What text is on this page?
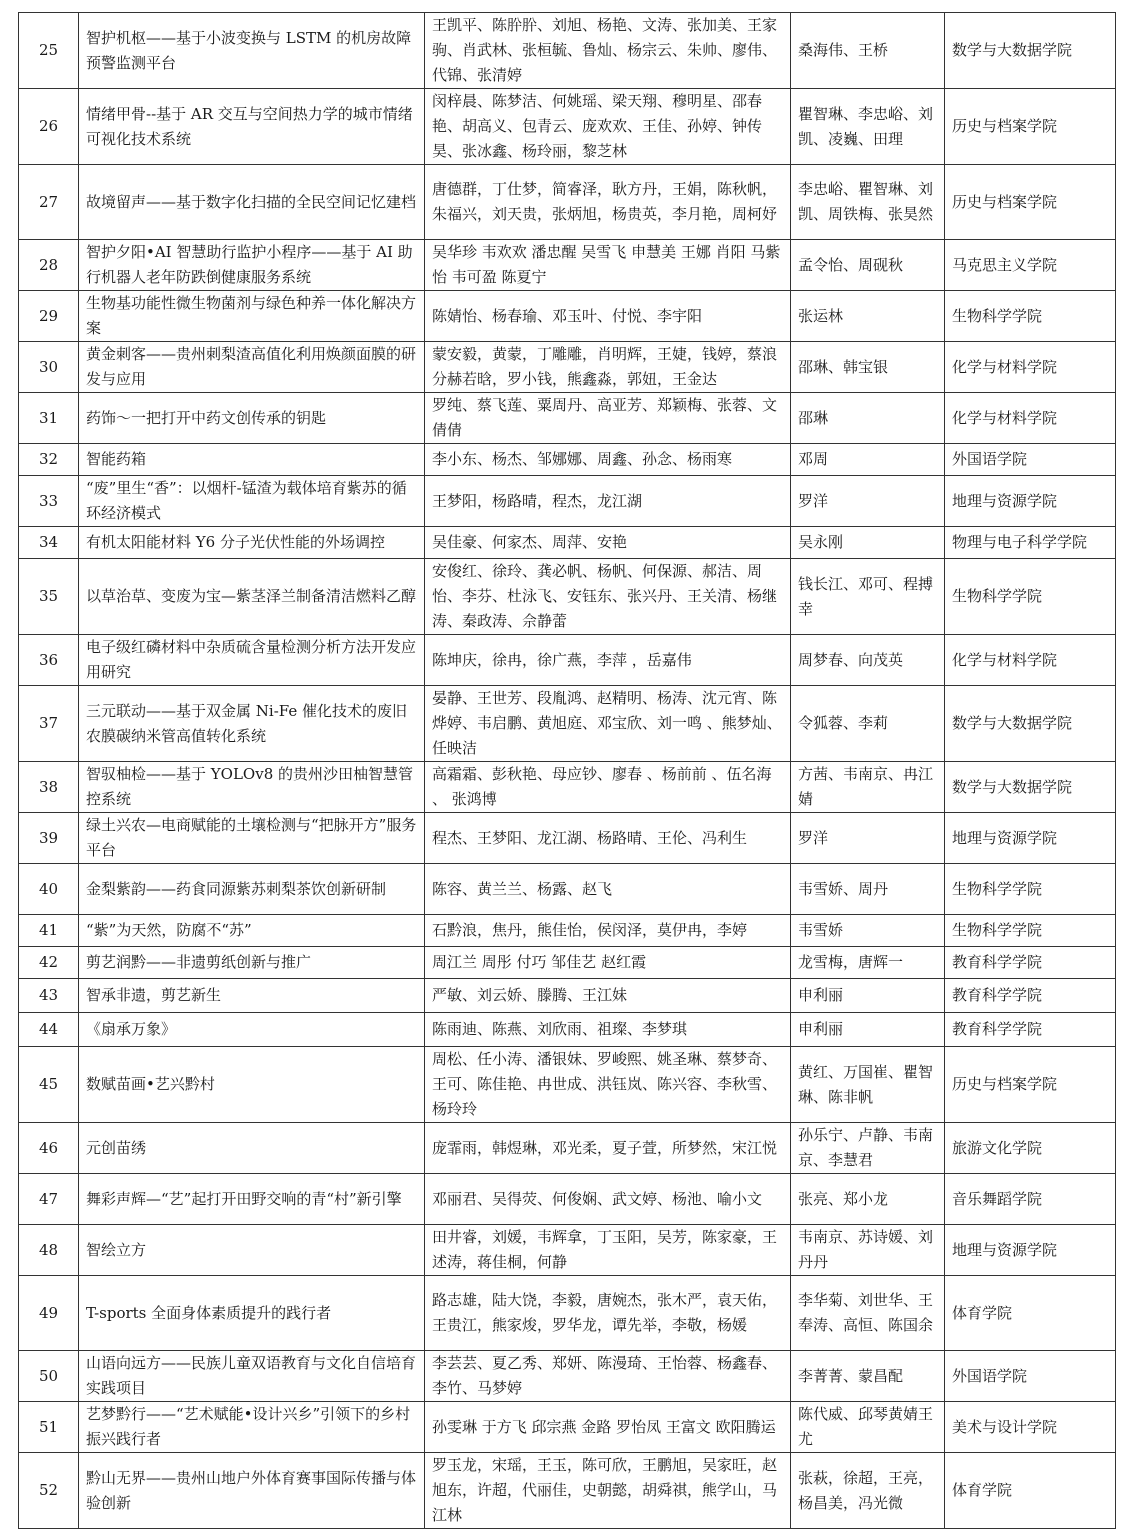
25	智护机枢——基于小波变换与 LSTM 的机房故障预警监测平台	王凯平、陈肸肸、刘旭、杨艳、文涛、张加美、王家驹、肖武林、张桓毓、鲁灿、杨宗云、朱帅、廖伟、代锦、张清婷	桑海伟、王桥	数学与大数据学院
26	情绪甲骨--基于 AR 交互与空间热力学的城市情绪可视化技术系统	闵梓晨、陈梦洁、何姚瑶、梁天翔、穆明星、邵春艳、胡高义、包青云、庞欢欢、王佳、孙婷、钟传昊、张冰鑫、杨玲丽，黎芝林	瞿智琳、李忠峪、刘凯、凌巍、田理	历史与档案学院
27	故境留声——基于数字化扫描的全民空间记忆建档	唐德群，丁仕梦，简睿泽，耿方丹，王娟，陈秋帆，朱福兴，刘天贵，张炳旭，杨贵英，李月艳，周柯妤	李忠峪、瞿智琳、刘凯、周铁梅、张昊然	历史与档案学院
28	智护夕阳•AI 智慧助行监护小程序——基于 AI 助行机器人老年防跌倒健康服务系统	吴华珍 韦欢欢 潘忠醒 吴雪飞 申慧美 王娜 肖阳 马紫怡 韦可盈 陈夏宁	孟令怡、周砚秋	马克思主义学院
29	生物基功能性微生物菌剂与绿色种养一体化解决方案	陈婧怡、杨春瑜、邓玉叶、付悦、李宇阳	张运林	生物科学学院
30	黄金刺客——贵州刺梨渣高值化利用焕颜面膜的研发与应用	蒙安毅，黄蒙，丁雕雕，肖明辉，王婕，钱婷，蔡浪分赫若晗，罗小钱，熊鑫淼，郭妞，王金达	邵琳、韩宝银	化学与材料学院
31	药饰～一把打开中药文创传承的钥匙	罗纯、蔡飞莲、粟周丹、高亚芳、郑颖梅、张蓉、文倩倩	邵琳	化学与材料学院
32	智能药箱	李小东、杨杰、邹娜娜、周鑫、孙念、杨雨寒	邓周	外国语学院
33	“废”里生“香”：以烟杆-锰渣为载体培育紫苏的循环经济模式	王梦阳，杨路晴，程杰，龙江湖	罗洋	地理与资源学院
34	有机太阳能材料 Y6 分子光伏性能的外场调控	吴佳豪、何家杰、周萍、安艳	吴永刚	物理与电子科学学院
35	以草治草、变废为宝—紫茎泽兰制备清洁燃料乙醇	安俊红、徐玲、龚必帆、杨帆、何保源、郝洁、周怡、李芬、杜泳飞、安钰东、张兴丹、王关清、杨继涛、秦政涛、佘静蕾	钱长江、邓可、程搏幸	生物科学学院
36	电子级红磷材料中杂质硫含量检测分析方法开发应用研究	陈坤庆，徐冉，徐广燕，李萍 ，岳嘉伟	周梦春、向茂英	化学与材料学院
37	三元联动——基于双金属 Ni-Fe 催化技术的废旧农膜碳纳米管高值转化系统	晏静、王世芳、段胤鸿、赵精明、杨涛、沈元宵、陈烨婷、韦启鹏、黄旭庭、邓宝欣、刘一鸣 、熊梦灿、任映洁	令狐蓉、李莉	数学与大数据学院
38	智驭柚检——基于 YOLOv8 的贵州沙田柚智慧管控系统	高霜霜、彭秋艳、母应钞、廖春 、杨前前 、伍名海 、 张鸿博	方茜、韦南京、冉江婧	数学与大数据学院
39	绿土兴农—电商赋能的土壤检测与“把脉开方”服务平台	程杰、王梦阳、龙江湖、杨路晴、王伦、冯利生	罗洋	地理与资源学院
40	金梨紫韵——药食同源紫苏刺梨茶饮创新研制	陈容、黄兰兰、杨露、赵飞	韦雪娇、周丹	生物科学学院
41	“紫”为天然，防腐不“苏”	石黔浪，焦丹，熊佳怡，侯闵泽，莫伊冉，李婷	韦雪娇	生物科学学院
42	剪艺润黔——非遗剪纸创新与推广	周江兰 周彤 付巧 邹佳艺 赵红霞	龙雪梅，唐辉一	教育科学学院
43	智承非遗，剪艺新生	严敏、刘云娇、滕腾、王江妹	申利丽	教育科学学院
44	《扇承万象》	陈雨迪、陈燕、刘欣雨、祖璨、李梦琪	申利丽	教育科学学院
45	数赋苗画•艺兴黔村	周松、任小涛、潘银妹、罗峻熙、姚圣琳、蔡梦奇、王可、陈佳艳、冉世成、洪钰岚、陈兴容、李秋雪、杨玲玲	黄红、万国崔、瞿智琳、陈非帆	历史与档案学院
46	元创苗绣	庞霏雨，韩煜琳，邓光柔，夏子萱，所梦然，宋江悦	孙乐宁、卢静、韦南京、李慧君	旅游文化学院
47	舞彩声辉—“艺”起打开田野交响的青“村”新引擎	邓丽君、吴得荧、何俊娴、武文婷、杨池、喻小文	张亮、郑小龙	音乐舞蹈学院
48	智绘立方	田井睿，刘媛，韦辉拿，丁玉阳，吴芳，陈家豪，王述涛，蒋佳桐，何静	韦南京、苏诗媛、刘丹丹	地理与资源学院
49	T-sports 全面身体素质提升的践行者	路志雄，陆大饶，李毅，唐婉杰，张木严，袁天佑，王贵江，熊家焌，罗华龙，谭先举，李敬，杨媛	李华菊、刘世华、王奉涛、高恒、陈国余	体育学院
50	山语向远方——民族儿童双语教育与文化自信培育实践项目	李芸芸、夏乙秀、郑妍、陈漫琦、王怡蓉、杨鑫春、李竹、马梦婷	李菁菁、蒙昌配	外国语学院
51	艺梦黔行——“艺术赋能•设计兴乡”引领下的乡村振兴践行者	孙雯琳 于方飞 邱宗燕 金路 罗怡凤 王富文 欧阳腾运	陈代威、邱琴黄婧王尤	美术与设计学院
52	黔山无界——贵州山地户外体育赛事国际传播与体验创新	罗玉龙，宋瑶，王玉，陈可欣，王鹏旭，吴家旺，赵旭东，许超，代丽佳，史朝懿，胡舜祺，熊学山，马江林	张萩，徐超，王亮，杨昌美，冯光微	体育学院
